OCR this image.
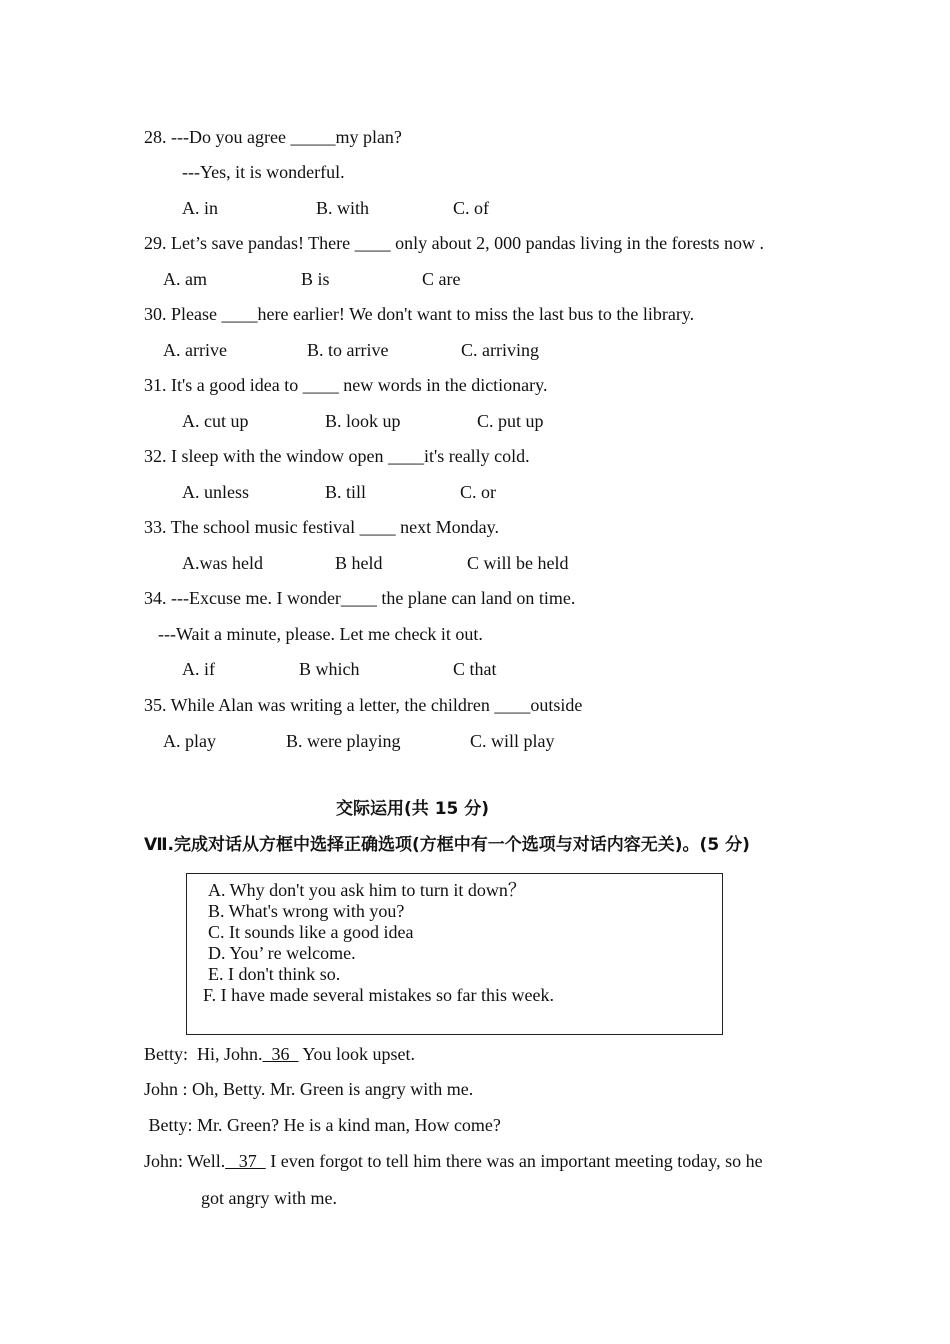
28. ---Do you agree _____my plan?
---Yes, it is wonderful.
A. in	B. with	C. of
29. Let’s save pandas! There ____ only about 2, 000 pandas living in the forests now .
A. am	B is	C are
30. Please ____here earlier! We don't want to miss the last bus to the library.
A. arrive	B. to arrive	C. arriving
31. It's a good idea to ____ new words in the dictionary.
A. cut up	B. look up	C. put up
32. I sleep with the window open ____it's really cold.
A. unless	B. till	C. or
33. The school music festival ____ next Monday.
A.was held	B held	C will be held
34. ---Excuse me. I wonder____ the plane can land on time.
---Wait a minute, please. Let me check it out.
A. if	B which	C that
35. While Alan was writing a letter, the children ____outside
A. play	B. were playing	C. will play
交际运用(共 15 分)
Ⅶ.完成对话从方框中选择正确选项(方框中有一个选项与对话内容无关)。(5 分)
A. Why don't you ask him to turn it down？
B. What's wrong with you?
C. It sounds like a good idea
D. You’ re welcome.
E. I don't think so.
F. I have made several mistakes so far this week.
Betty:  Hi, John.  36   You look upset.
John : Oh, Betty. Mr. Green is angry with me.
Betty: Mr. Green? He is a kind man, How come?
John: Well.   37   I even forgot to tell him there was an important meeting today, so he
got angry with me.
